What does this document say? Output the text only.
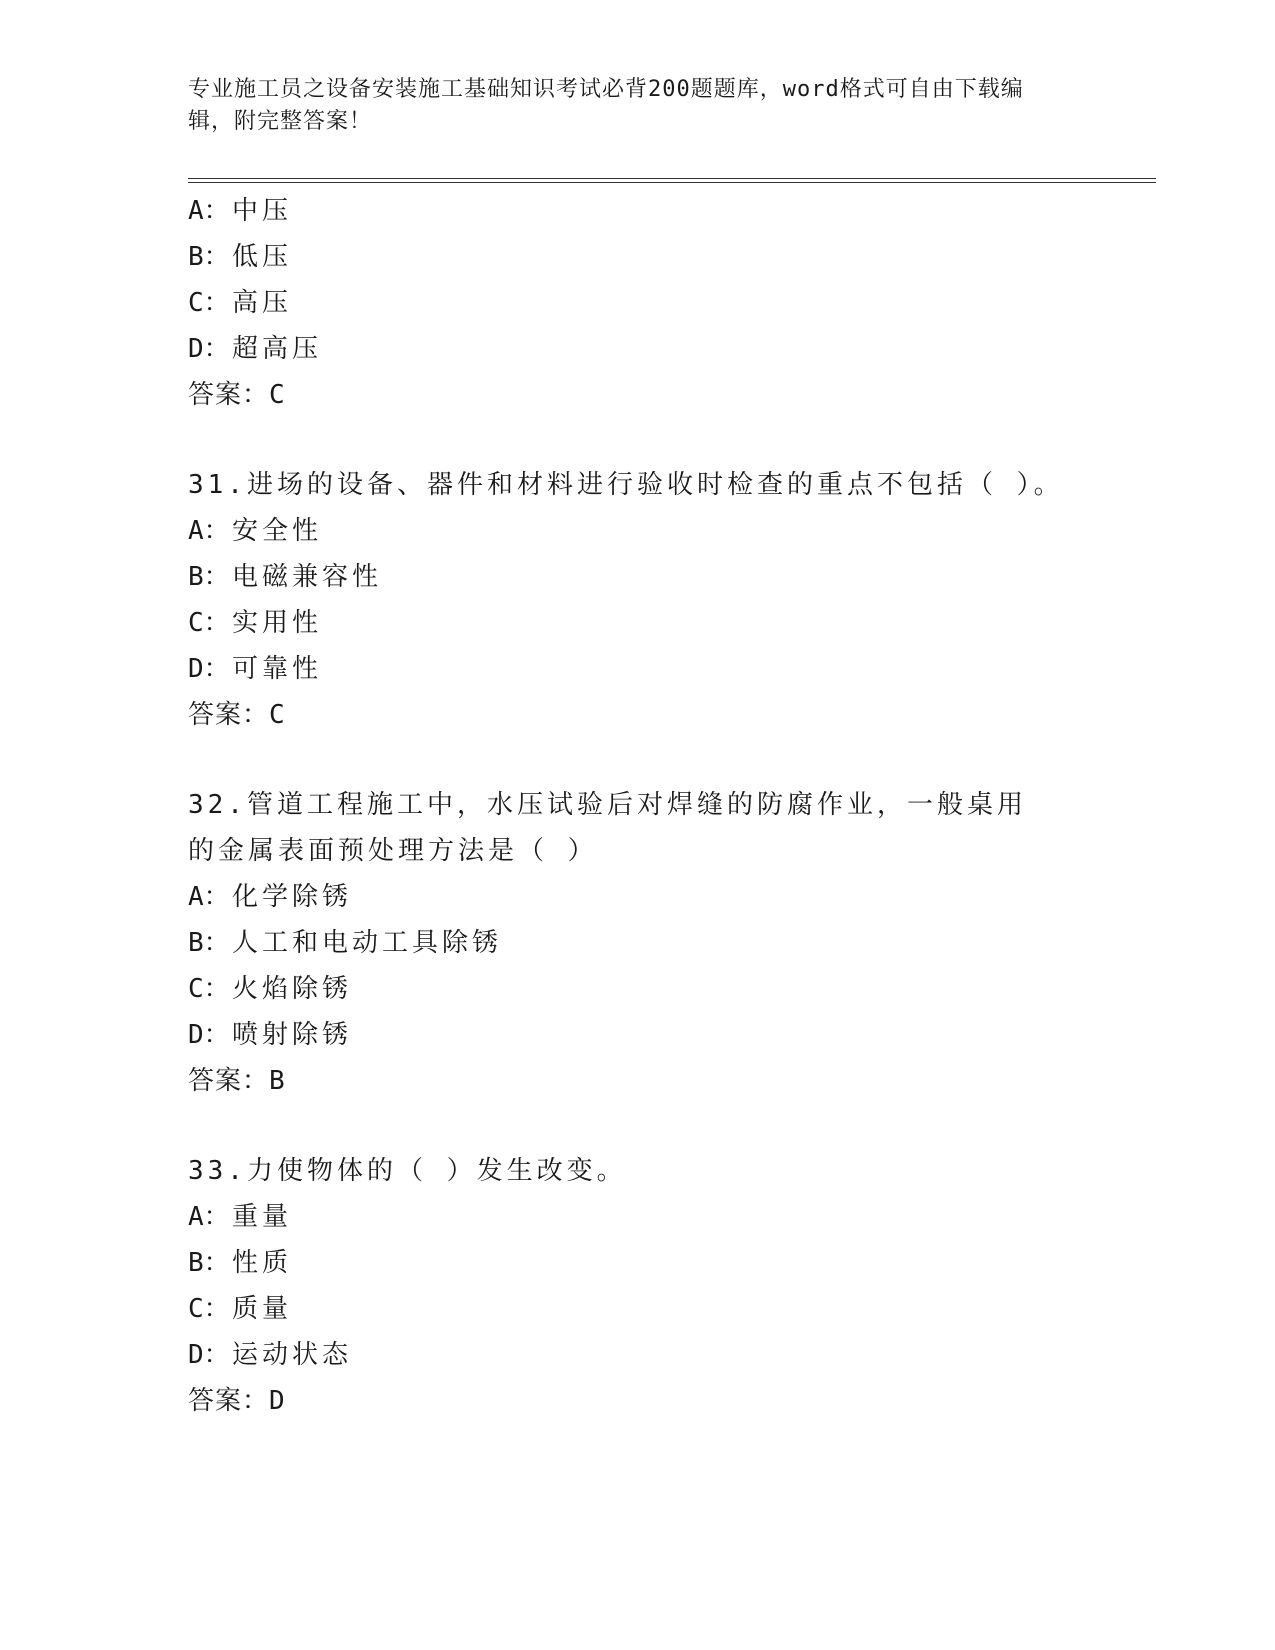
专业施工员之设备安装施工基础知识考试必背200题题库，word格式可自由下载编辑，附完整答案！
A：中压
B：低压
C：高压
D：超高压
答案：C
31.进场的设备、器件和材料进行验收时检查的重点不包括（ ）。
A：安全性
B：电磁兼容性
C：实用性
D：可靠性
答案：C
32.管道工程施工中，水压试验后对焊缝的防腐作业，一般桌用的金属表面预处理方法是（ ）
A：化学除锈
B：人工和电动工具除锈
C：火焰除锈
D：喷射除锈
答案：B
33.力使物体的（ ）发生改变。
A：重量
B：性质
C：质量
D：运动状态
答案：D
